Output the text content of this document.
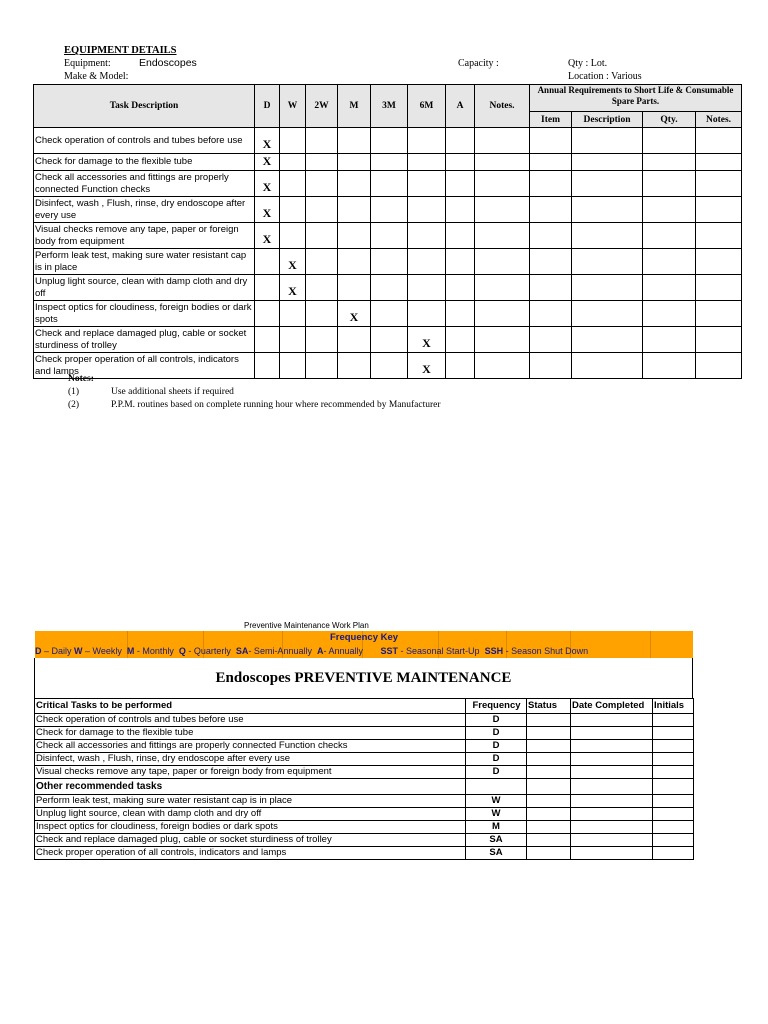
EQUIPMENT DETAILS
Equipment:	Endoscopes	Capacity :	Qty : Lot.
Make & Model:	Location : Various
Task Description	D	W	2W	M	3M	6M	A	Notes.	Annual Requirements to Short Life & Consumable Spare Parts.			
									Item	Description	Qty.	Notes.
Check operation of controls and tubes before use	X											
Check for damage to the flexible tube	X											
Check all accessories and fittings are properly connected Function checks	X											
Disinfect, wash , Flush, rinse, dry endoscope after every use	X											
Visual checks remove any tape, paper or foreign body from equipment	X											
Perform leak test, making sure water resistant cap is in place		X										
Unplug light source, clean with damp cloth and dry off		X										
Inspect optics for cloudiness, foreign bodies or dark spots				X								
Check and replace damaged plug, cable or socket sturdiness of trolley						X						
Check proper operation of all controls, indicators and lamps						X						
Notes:
(1)	Use additional sheets if required
(2)	P.P.M. routines based on complete running hour where recommended by Manufacturer
Preventive Maintenance Work Plan
Frequency Key
D – Daily W – Weekly  M - Monthly  Q - Quarterly  SA- Semi-Annually  A- Annually       SST - Seasonal Start-Up  SSH - Season Shut Down
Endoscopes PREVENTIVE MAINTENANCE
Critical Tasks to be performed	Frequency	Status	Date Completed	Initials
Check operation of controls and tubes before use	D			
Check for damage to the flexible tube	D			
Check all accessories and fittings are properly connected Function checks	D			
Disinfect, wash , Flush, rinse, dry endoscope after every use	D			
Visual checks remove any tape, paper or foreign body from equipment	D			
Other recommended tasks				
Perform leak test, making sure water resistant cap is in place	W			
Unplug light source, clean with damp cloth and dry off	W			
Inspect optics for cloudiness, foreign bodies or dark spots	M			
Check and replace damaged plug, cable or socket sturdiness of trolley	SA			
Check proper operation of all controls, indicators and lamps	SA			
